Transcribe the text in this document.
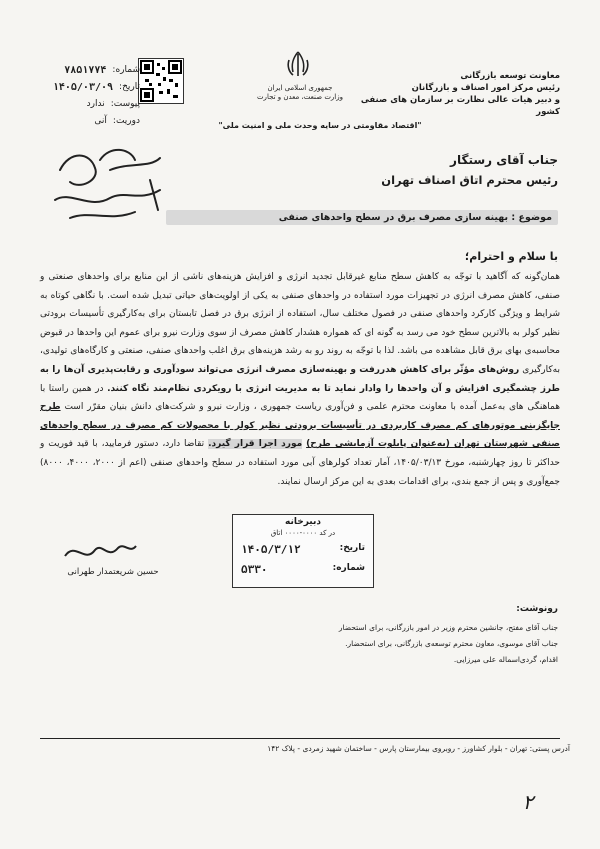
شماره:
۷۸۵۱۷۷۴
تاریخ:
۱۴۰۵/۰۳/۰۹
پیوست:
ندارد
دوریت:
آنی
جمهوری اسلامی ایران
وزارت صنعت، معدن و تجارت
معاونت توسعه بازرگانی
رئیس مرکز امور اصناف و بازرگانان
و دبیر هیات عالی نظارت بر سازمان های صنفی کشور
"اقتصاد مقاومتی در سایه وحدت ملی و امنیت ملی"
جناب آقای رستگار
رئیس محترم اتاق اصناف تهران
موضوع : بهینه سازی مصرف برق در سطح واحدهای صنفی
با سلام و احترام؛

همان‌گونه که آگاهید با توجّه به کاهش سطح منابع غیرقابل تجدید انرژی و افزایش هزینه‌های ناشی از این منابع برای واحدهای صنعتی و صنفی، کاهش مصرف انرژی در تجهیزات مورد استفاده در واحدهای صنفی به یکی از اولویت‌های حیاتی تبدیل شده است. با نگاهی کوتاه به شرایط و ویژگی کارکرد واحدهای صنفی در فصول مختلف سال، استفاده از انرژی برق در فصل تابستان برای به‌کارگیری تأسیسات برودتی نظیر کولر به بالاترین سطح خود می رسد به گونه ای که همواره هشدار کاهش مصرف از سوی وزارت نیرو برای عموم این واحدها در قبوض محاسبه‌ی بهای برق قابل مشاهده می باشد. لذا با توجّه به روند رو به رشد هزینه‌های برق اغلب واحدهای صنفی، صنعتی و کارگاه‌های تولیدی، به‌کارگیری روش‌های مؤثّر برای کاهش هدررفت و بهینه‌سازی مصرف انرژی می‌تواند سودآوری و رقابت‌پذیری آن‌ها را به طرز چشمگیری افزایش و آن واحدها را وادار نماید تا به مدیریت انرژی با رویکردی نظام‌مند نگاه کنند. در همین راستا با هماهنگی های به‌عمل آمده با معاونت محترم علمی و فن‌آوری ریاست جمهوری ، وزارت نیرو و شرکت‌های دانش بنیان مقرّر است طرح جایگزینی موتورهای کم مصرف کاربردی در تأسیسات برودتی نظیر کولر با محصولات کم مصرف در سطح واحدهای صنفی شهرستان تهران (به‌عنوان پایلوت آزمایشی طرح) مورد اجرا قرار گیرد. تقاضا دارد، دستور فرمایید، با قید فوریت و حداکثر تا روز چهارشنبه، مورخ ۱۴۰۵/۰۳/۱۳، آمار تعداد کولرهای آبی مورد استفاده در سطح واحدهای صنفی (اعم از ۲۰۰۰، ۴۰۰۰، ۸۰۰۰) جمع‌آوری و پس از جمع بندی، برای اقدامات بعدی به این مرکز ارسال نمایند.

حسین شریعتمدار طهرانی
دبیرخانه
در کد ۰۰۰۰-۰۰۰۰ اتاق
تاریخ:
۱۴۰۵/۳/۱۲
شماره:
۵۳۳۰
رونوشت:
جناب آقای مفتح، جانشین محترم وزیر در امور بازرگانی، برای استحضار
جناب آقای موسوی، معاون محترم توسعه‌ی بازرگانی، برای استحضار.
اقدام، گردی‌اسماله علی میرزایی.
آدرس پستی: تهران - بلوار کشاورز - روبروی بیمارستان پارس - ساختمان شهید زمردی - پلاک ۱۴۲
۲
